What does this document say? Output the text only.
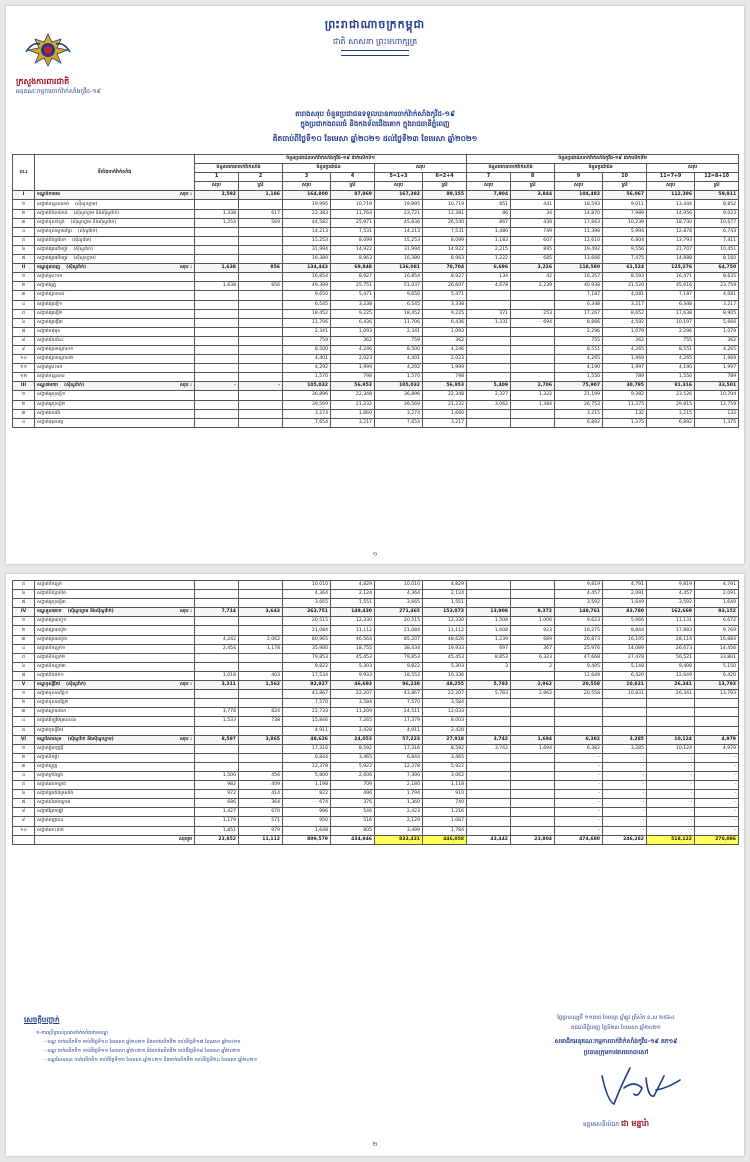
ព្រះរាជាណាចក្រកម្ពុជា
ជាតិ សាសនា ព្រះមហាក្សត្រ
ក្រសួងការពារជាតិ
អនុគណៈកម្មការចាក់វ៉ាក់សាំងកូវីដ-១៩
តារាងសរុប ចំនួនប្រជាជនទទួលបានការចាក់វ៉ាក់សាំងកូវីដ-១៩
ក្នុងប្រជាកងពលធំ និងកងទ័ពជើងគោក ក្នុងរាជធានីភ្នំពេញ
គិតចាប់ពីថ្ងៃទី១០ ខែមេសា ឆ្នាំ២០២១ ដល់ថ្ងៃទី២៣ ខែមេសា ឆ្នាំ២០២១
ល.រ	ទីតាំងចាក់វ៉ាក់សាំង	ចំនួនប្រជាជនចាក់វ៉ាក់សាំងកូវីដ-១៩ ដាក់លើកទី១						ចំនួនប្រជាជនចាក់វ៉ាក់សាំងកូវីដ-១៩ ដាក់លើកទី២					
		ចំនួនយោធាចាក់វ៉ាក់សាំង		ចំនួនប្រជាជន		សរុប		ចំនួនយោធាចាក់វ៉ាក់សាំង		ចំនួនប្រជាជន		សរុប	
		1	2	3	4	5=1+3	6=2+4	7	8	9	10	11=7+9	12=8+10
		សរុប	ស្រី	សរុប	ស្រី	សរុប	ស្រី	សរុប	ស្រី	សរុប	ស្រី	សរុប	ស្រី
I	ខណ្ឌចំការមន សរុប :	2,592	1,186	164,800	87,969	167,392	89,155	7,904	3,844	104,492	56,067	112,396	59,911
១	សង្កាត់ទន្លេបាសាក់ (ស៊ីណូហ្វាម)			19,995	10,719	19,995	10,719	851	441	18,593	9,011	13,444	8,852
២	សង្កាត់បឹងកេងកង (ស៊ីណូហ្វាម និងស៊ីណូវ៉ាក់)	1,338	617	22,383	11,764	23,721	12,381	86	34	14,870	7,989	14,956	9,023
៣	សង្កាត់ទួលទំពូង (ស៊ីណូហ្វាម និងស៊ីណូវ៉ាក់)	1,254	569	44,582	25,971	45,836	26,540	867	439	17,863	10,239	18,730	10,677
៤	សង្កាត់ទួលស្វាយព្រៃ (ស៊ីណូវ៉ាក់)			14,213	7,531	14,213	7,531	1,480	749	11,398	5,994	12,878	6,743
៥	សង្កាត់បឹងត្របែក (ស៊ីណូវ៉ាក់)			15,253	8,099	15,253	8,099	1,183	607	12,610	6,804	13,793	7,411
៦	សង្កាត់ផ្សារដើមថ្កូវ (ស៊ីណូវ៉ាក់)			31,994	14,922	31,994	14,922	2,215	895	19,492	9,556	21,707	10,451
៧	សង្កាត់ផ្សារដើមធ្កូវ (ស៊ីណូហ្វាម)			16,380	8,963	16,380	8,963	1,222	685	13,666	7,475	14,888	8,160
II	ខណ្ឌដូនពេញ (ស៊ីណូវ៉ាក់) សរុប :	1,638	856	134,443	69,848	136,081	70,704	6,696	3,226	118,580	61,524	125,276	64,750
១	សង្កាត់ស្រះចក			16,854	8,927	16,854	8,927	134	42	16,357	8,593	16,471	8,635
២	សង្កាត់វត្តភ្នំ	1,638	856	49,399	25,751	51,037	26,607	4,678	2,239	40,938	21,520	45,616	23,759
៣	សង្កាត់ផ្សារចាស់			9,650	5,471	9,650	5,471			7,187	4,081	7,187	4,081
៤	សង្កាត់ផ្សារថ្មី១			6,545	3,338	6,545	3,338			6,348	3,217	6,348	3,217
៥	សង្កាត់ផ្សារថ្មី២			18,452	9,225	18,452	9,225	371	253	17,267	8,652	17,638	8,905
៦	សង្កាត់ផ្សារថ្មី៣			11,706	6,436	11,706	6,436	1,331	694	8,866	4,592	10,197	5,666
៧	សង្កាត់ចតុមុខ			2,341	1,093	2,341	1,093			2,296	1,079	2,296	1,079
៨	សង្កាត់ជ័យជំនះ			759	362	759	362			755	362	755	362
៩	សង្កាត់ផ្សារកណ្ដាល១			8,500	4,246	8,500	4,246			8,551	4,265	8,551	4,265
១០	សង្កាត់ផ្សារកណ្ដាល២			4,401	2,023	4,401	2,023			4,265	1,969	4,265	1,969
១១	សង្កាត់ស្រះចក			4,292	1,999	4,292	1,999			4,190	1,997	4,190	1,997
១២	សង្កាត់ទន្លេសាប			1,570	798	1,570	798			1,550	789	1,550	789
III	ខណ្ឌ៧មករា (ស៊ីណូវ៉ាក់) សរុប :	-	-	105,032	56,953	105,032	56,953	5,409	2,706	75,907	30,795	81,316	33,501
១	សង្កាត់អូរឫស្សី១			36,896	22,348	36,896	22,348	2,327	1,322	21,199	9,382	23,526	10,704
២	សង្កាត់អូរឫស្សី២			39,569	21,232	39,569	21,232	3,062	1,384	26,753	11,375	29,815	12,759
៣	សង្កាត់វាលវង់			3,274	1,660	3,274	1,660			3,215	132	3,215	132
៤	សង្កាត់មនោរម្យ			7,654	3,217	7,654	3,217			6,892	1,375	6,892	1,375
១
៥	សង្កាត់ទឹកល្អក់			10,010	4,829	10,010	4,829			9,819	4,791	9,819	4,791
៦	សង្កាត់បឹងប្រលិត			4,364	2,124	4,364	2,124			4,457	2,091	4,457	2,091
៧	សង្កាត់អូរឫស្សី៣			3,665	1,551	3,665	1,551			3,592	1,649	3,592	1,649
IV	ខណ្ឌទួលគោក (ស៊ីណូហ្វាម និងស៊ីណូវ៉ាក់) សរុប :	7,714	3,643	263,751	149,430	271,465	153,073	13,908	9,372	148,761	83,780	162,669	93,152
១	សង្កាត់ផ្សារដេប៉ូ១			20,515	12,330	20,515	12,330	1,508	1,006	9,623	5,666	11,131	6,672
២	សង្កាត់ផ្សារដេប៉ូ២			21,084	11,112	21,084	11,112	1,608	923	16,275	8,844	17,883	9,769
៣	សង្កាត់ផ្សារដេប៉ូ៣	4,242	2,062	80,965	46,564	85,207	48,626	1,239	689	26,873	16,195	28,114	16,884
៤	សង្កាត់ទឹកល្អក់១	2,454	1,178	35,980	18,755	38,434	19,933	697	367	25,976	14,089	26,673	14,456
៥	សង្កាត់ទឹកល្អក់២			79,853	45,453	79,853	45,453	8,853	6,323	47,668	27,478	56,521	33,801
៦	សង្កាត់ទឹកល្អក់៣			9,822	5,303	9,822	5,303	3	2	9,495	5,148	9,498	5,150
៧	សង្កាត់បឹងកក់១	1,018	403	17,534	9,933	18,552	10,336			12,649	6,420	12,649	6,420
V	ខណ្ឌឫស្សីកែវ (ស៊ីណូវ៉ាក់) សរុប :	3,311	1,562	92,927	46,693	96,238	48,255	5,783	2,962	20,558	10,831	26,341	13,793
១	សង្កាត់ទួលសង្កែ១			43,867	22,207	43,867	22,207	5,783	2,962	20,558	10,831	26,341	13,793
២	សង្កាត់ទួលសង្កែ២			7,570	3,584	7,570	3,584						
៣	សង្កាត់ស្វាយប៉ាក	1,778	824	22,733	11,209	24,511	12,033						
៤	សង្កាត់គីឡូម៉ែត្រលេខ៦	1,533	738	15,846	7,265	17,379	8,003						
៥	សង្កាត់ឫស្សីកែវ			4,911	2,428	4,911	2,428						
VI	ខណ្ឌសែនសុខ (ស៊ីណូវ៉ាក់ និងស៊ីណូហ្វាម) សរុប :	8,597	3,865	48,626	24,053	57,223	27,918	3,742	1,694	6,382	3,285	10,124	4,979
១	សង្កាត់ភ្នំពេញថ្មី			17,316	8,592	17,316	8,592	3,742	1,694	6,382	3,285	10,124	4,979
២	សង្កាត់ទឹកថ្លា			6,844	3,465	6,844	3,465			-	-	-	-
៣	សង្កាត់ឃ្មួញ			12,378	5,922	12,378	5,922			-	-	-	-
៤	សង្កាត់ក្រាំងធ្នង់	1,500	456	5,800	2,606	7,300	3,062			-	-	-	-
៥	សង្កាត់គោកឃ្លាង	982	409	1,198	709	2,180	1,118			-	-	-	-
៦	សង្កាត់ត្រពាំងក្រសាំង	972	414	822	496	1,794	910			-	-	-	-
៧	សង្កាត់សំរោងក្រោម	686	364	674	376	1,360	740			-	-	-	-
៨	សង្កាត់ព្រែកផ្នៅ	1,427	670	996	546	2,423	1,216			-	-	-	-
៩	សង្កាត់ពញាពន់	1,179	571	950	516	2,129	1,087			-	-	-	-
១០	សង្កាត់កោះដាច់	1,851	979	1,648	805	3,499	1,784			-	-	-	-
	សរុបរួម	23,852	11,112	809,579	434,946	833,431	446,058	43,442	23,804	474,680	246,282	518,122	270,086
សេចក្ដីបញ្ជាក់
១-ការប្រើប្រាស់ប្រភេទវ៉ាក់សាំងតាមខណ្ឌ
- ខណ្ឌ ចាក់លើកទី១ ចាប់ពីថ្ងៃទី១០ ខែមេសា ឆ្នាំ២០២១ និងចាក់លើកទី២ ចាប់ពីថ្ងៃទី១៧ ខែមេសា ឆ្នាំ២០២១
- ខណ្ឌ ចាក់លើកទី១ ចាប់ពីថ្ងៃទី១១ ខែមេសា ឆ្នាំ២០២១ និងចាក់លើកទី២ ចាប់ពីថ្ងៃទី១៨ ខែមេសា ឆ្នាំ២០២១
- ខណ្ឌសែនសុខ ចាក់លើកទី១ ចាប់ពីថ្ងៃទី១២ ខែមេសា ឆ្នាំ២០២១ និងចាក់លើកទី២ ចាប់ពីថ្ងៃទី២០ ខែមេសា ឆ្នាំ២០២១
ថ្ងៃព្រហស្បតិ៍ ១១រោច ខែចេត្រ ឆ្នាំឆ្លូវ ត្រីស័ក ព.ស ២៥៦៤
រាជធានីភ្នំពេញ ថ្ងៃទី២៣ ខែមេសា ឆ្នាំ២០២១
សមាជិកអនុគណៈកម្មការចាក់វ៉ាក់សាំងកូវីដ-១៩ គក១៩
ប្រធានក្រុមការងារយោធាសៅ
ឧត្តមសេនីយ៍ឯក ជា មន្នារ៉ា
២
